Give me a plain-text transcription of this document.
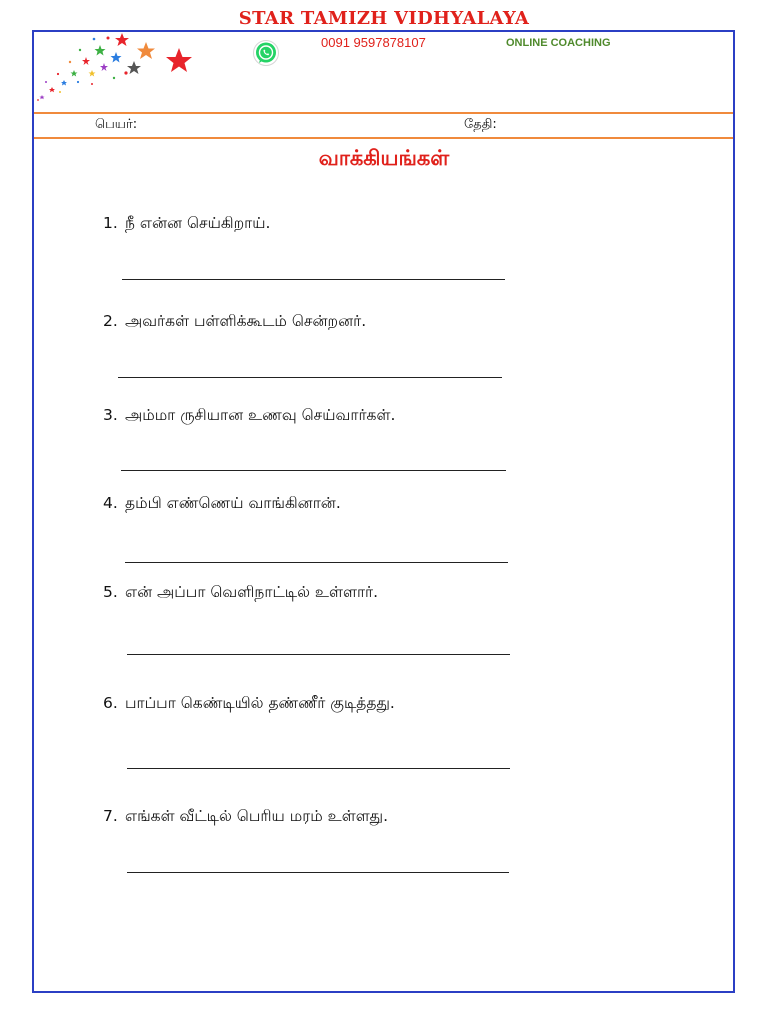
STAR TAMIZH VIDHYALAYA
0091 9597878107	ONLINE COACHING
பெயர்:	தேதி:
வாக்கியங்கள்
1. நீ என்ன செய்கிறாய்.
2. அவர்கள் பள்ளிக்கூடம் சென்றனர்.
3. அம்மா ருசியான உணவு செய்வார்கள்.
4. தம்பி எண்ணெய் வாங்கினான்.
5. என் அப்பா வெளிநாட்டில் உள்ளார்.
6. பாப்பா கெண்டியில் தண்ணீர் குடித்தது.
7. எங்கள் வீட்டில் பெரிய மரம் உள்ளது.
